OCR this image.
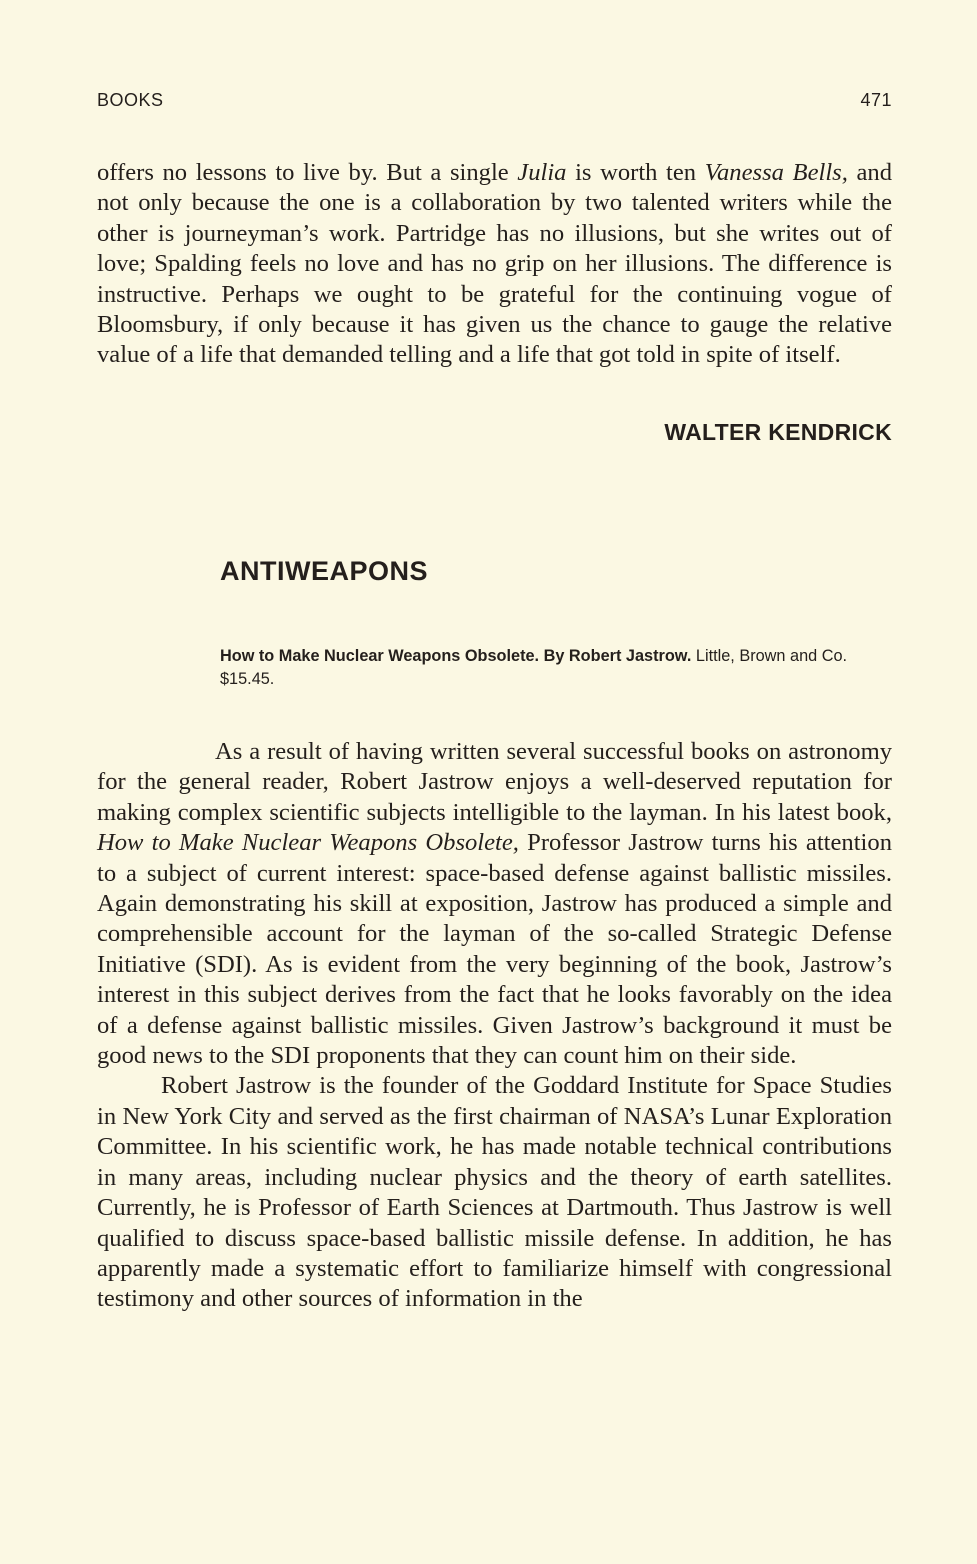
BOOKS	471

offers no lessons to live by. But a single Julia is worth ten Vanessa Bells, and not only because the one is a collaboration by two talented writers while the other is journeyman’s work. Partridge has no illusions, but she writes out of love; Spalding feels no love and has no grip on her illusions. The difference is instructive. Perhaps we ought to be grateful for the continuing vogue of Bloomsbury, if only because it has given us the chance to gauge the relative value of a life that demanded telling and a life that got told in spite of itself.

WALTER KENDRICK
ANTIWEAPONS
How to Make Nuclear Weapons Obsolete. By Robert Jastrow. Little, Brown and Co. $15.45.

As a result of having written several successful books on astronomy for the general reader, Robert Jastrow enjoys a well-deserved reputation for making complex scientific subjects intelligible to the layman. In his latest book, How to Make Nuclear Weapons Obsolete, Professor Jastrow turns his attention to a subject of current interest: space-based defense against ballistic missiles. Again demonstrating his skill at exposition, Jastrow has produced a simple and comprehensible account for the layman of the so-called Strategic Defense Initiative (SDI). As is evident from the very beginning of the book, Jastrow’s interest in this subject derives from the fact that he looks favorably on the idea of a defense against ballistic missiles. Given Jastrow’s background it must be good news to the SDI proponents that they can count him on their side.

Robert Jastrow is the founder of the Goddard Institute for Space Studies in New York City and served as the first chairman of NASA’s Lunar Exploration Committee. In his scientific work, he has made notable technical contributions in many areas, including nuclear physics and the theory of earth satellites. Currently, he is Professor of Earth Sciences at Dartmouth. Thus Jastrow is well qualified to discuss space-based ballistic missile defense. In addition, he has apparently made a systematic effort to familiarize himself with congressional testimony and other sources of information in the
